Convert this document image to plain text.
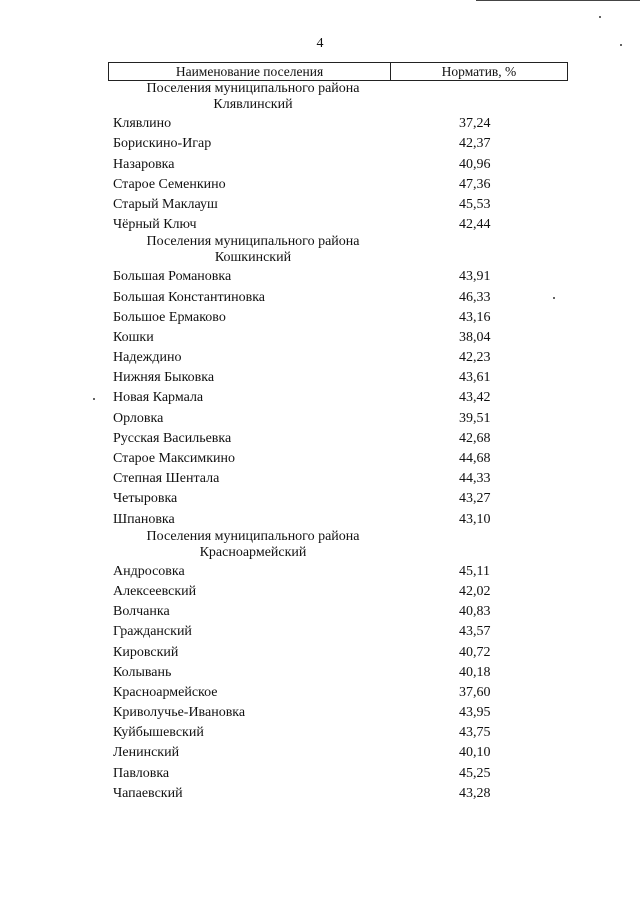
4
Наименование поселения	Норматив, %
Поселения муниципального района
Клявлинский
Клявлино	37,24
Борискино-Игар	42,37
Назаровка	40,96
Старое Семенкино	47,36
Старый Маклауш	45,53
Чёрный Ключ	42,44
Поселения муниципального района
Кошкинский
Большая Романовка	43,91
Большая Константиновка	46,33
Большое Ермаково	43,16
Кошки	38,04
Надеждино	42,23
Нижняя Быковка	43,61
Новая Кармала	43,42
Орловка	39,51
Русская Васильевка	42,68
Старое Максимкино	44,68
Степная Шентала	44,33
Четыровка	43,27
Шпановка	43,10
Поселения муниципального района
Красноармейский
Андросовка	45,11
Алексеевский	42,02
Волчанка	40,83
Гражданский	43,57
Кировский	40,72
Колывань	40,18
Красноармейское	37,60
Криволучье-Ивановка	43,95
Куйбышевский	43,75
Ленинский	40,10
Павловка	45,25
Чапаевский	43,28
